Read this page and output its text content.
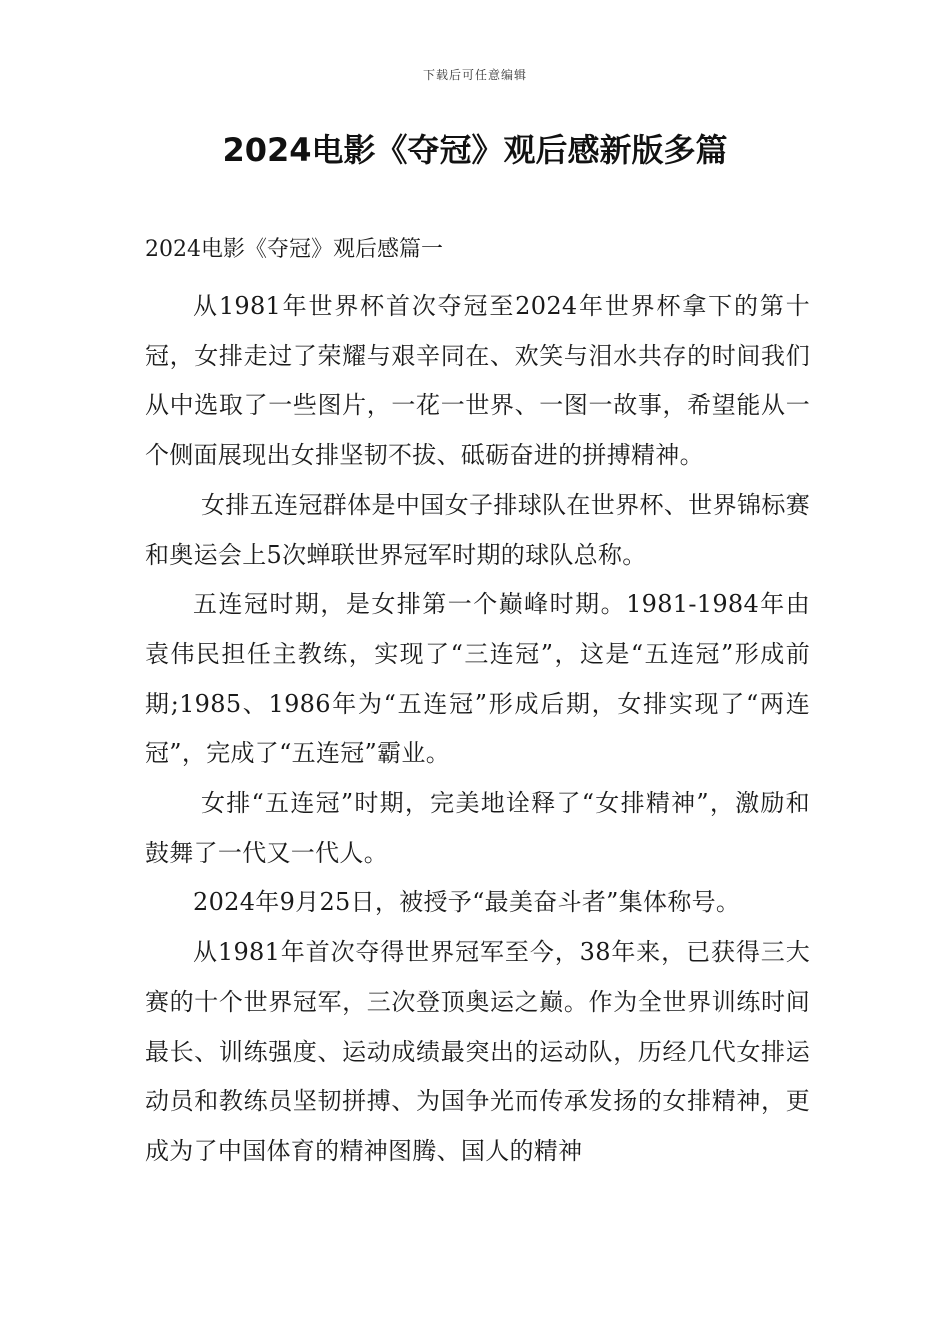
下载后可任意编辑
2024电影《夺冠》观后感新版多篇
2024电影《夺冠》观后感篇一

从1981年世界杯首次夺冠至2024年世界杯拿下的第十冠，女排走过了荣耀与艰辛同在、欢笑与泪水共存的时间我们从中选取了一些图片，一花一世界、一图一故事，希望能从一个侧面展现出女排坚韧不拔、砥砺奋进的拼搏精神。

女排五连冠群体是中国女子排球队在世界杯、世界锦标赛和奥运会上5次蝉联世界冠军时期的球队总称。

五连冠时期，是女排第一个巅峰时期。1981-1984年由袁伟民担任主教练，实现了“三连冠”，这是“五连冠”形成前期;1985、1986年为“五连冠”形成后期，女排实现了“两连冠”，完成了“五连冠”霸业。

女排“五连冠”时期，完美地诠释了“女排精神”，激励和鼓舞了一代又一代人。

2024年9月25日，被授予“最美奋斗者”集体称号。

从1981年首次夺得世界冠军至今，38年来，已获得三大赛的十个世界冠军，三次登顶奥运之巅。作为全世界训练时间最长、训练强度、运动成绩最突出的运动队，历经几代女排运动员和教练员坚韧拼搏、为国争光而传承发扬的女排精神，更成为了中国体育的精神图腾、国人的精神
